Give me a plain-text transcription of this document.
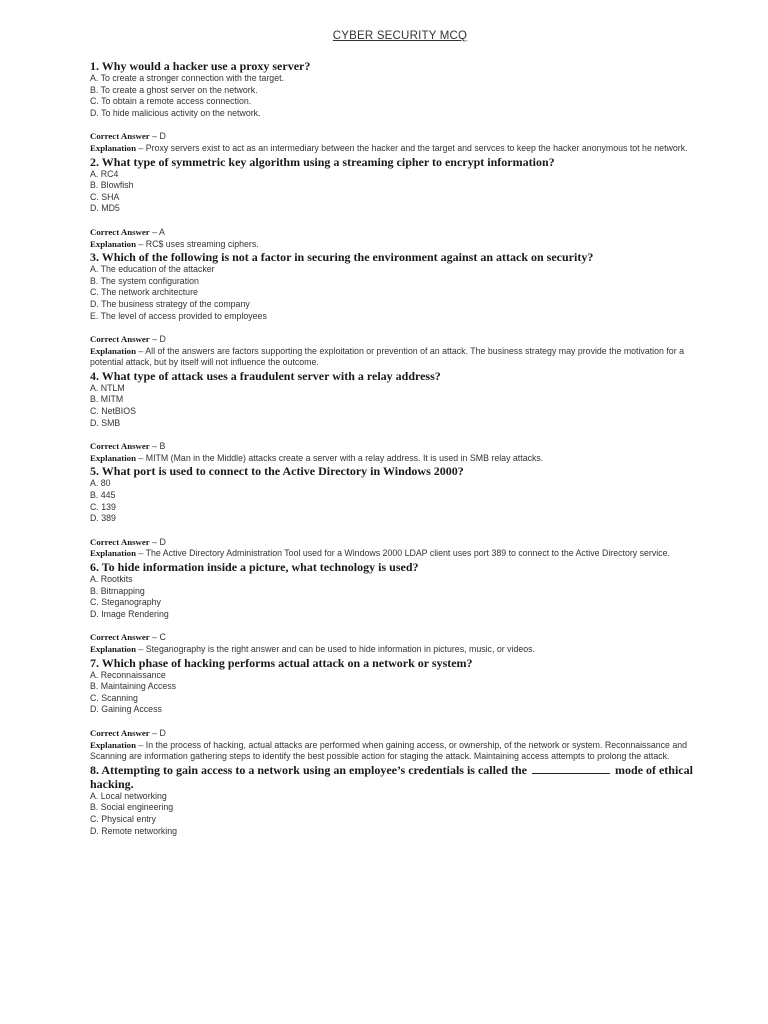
CYBER SECURITY MCQ

1. Why would a hacker use a proxy server?

A. To create a stronger connection with the target.
B. To create a ghost server on the network.
C. To obtain a remote access connection.
D. To hide malicious activity on the network.
Correct Answer – D
Explanation – Proxy servers exist to act as an intermediary between the hacker and the target and servces to keep the hacker anonymous tot he network.

2. What type of symmetric key algorithm using a streaming cipher to encrypt information?

A. RC4
B. Blowfish
C. SHA
D. MD5
Correct Answer – A
Explanation – RC$ uses streaming ciphers.

3. Which of the following is not a factor in securing the environment against an attack on security?

A. The education of the attacker
B. The system configuration
C. The network architecture
D. The business strategy of the company
E. The level of access provided to employees
Correct Answer – D
Explanation – All of the answers are factors supporting the exploitation or prevention of an attack. The business strategy may provide the motivation for a potential attack, but by itself will not influence the outcome.

4. What type of attack uses a fraudulent server with a relay address?

A. NTLM
B. MITM
C. NetBIOS
D. SMB
Correct Answer – B
Explanation – MITM (Man in the Middle) attacks create a server with a relay address. It is used in SMB relay attacks.

5. What port is used to connect to the Active Directory in Windows 2000?

A. 80
B. 445
C. 139
D. 389
Correct Answer – D
Explanation – The Active Directory Administration Tool used for a Windows 2000 LDAP client uses port 389 to connect to the Active Directory service.

6. To hide information inside a picture, what technology is used?

A. Rootkits
B. Bitmapping
C. Steganography
D. Image Rendering
Correct Answer – C
Explanation – Steganography is the right answer and can be used to hide information in pictures, music, or videos.

7. Which phase of hacking performs actual attack on a network or system?

A. Reconnaissance
B. Maintaining Access
C. Scanning
D. Gaining Access
Correct Answer – D
Explanation – In the process of hacking, actual attacks are performed when gaining access, or ownership, of the network or system. Reconnaissance and Scanning are information gathering steps to identify the best possible action for staging the attack. Maintaining access attempts to prolong the attack.

8. Attempting to gain access to a network using an employee’s credentials is called the	mode of ethical hacking.

A. Local networking
B. Social engineering
C. Physical entry
D. Remote networking
